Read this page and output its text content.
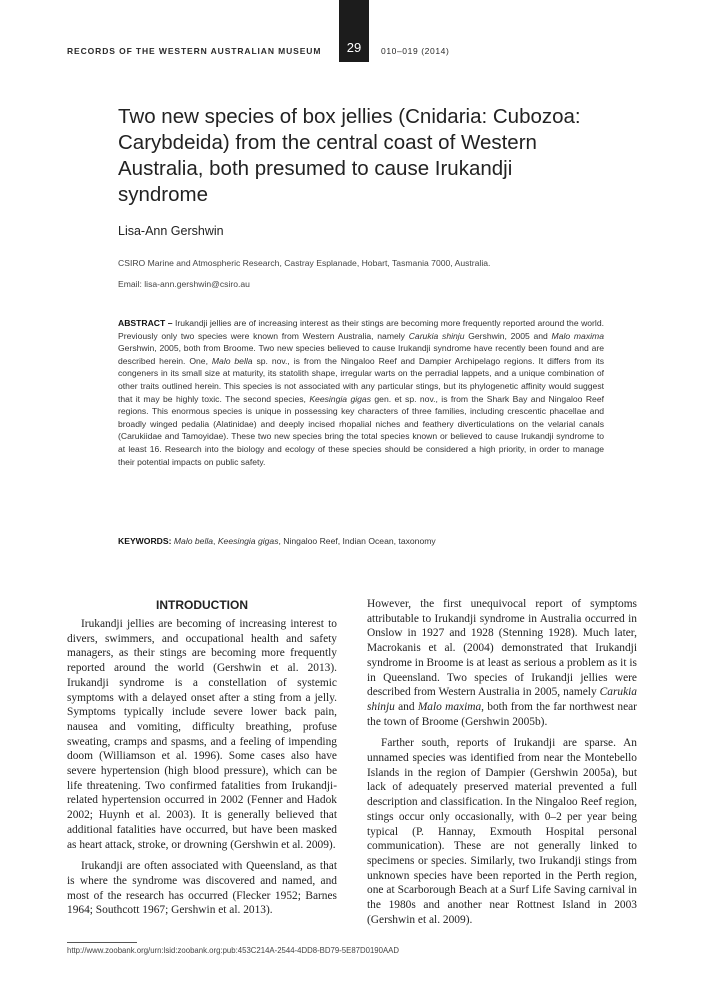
RECORDS OF THE WESTERN AUSTRALIAN MUSEUM	29	010–019 (2014)
Two new species of box jellies (Cnidaria: Cubozoa: Carybdeida) from the central coast of Western Australia, both presumed to cause Irukandji syndrome
Lisa-Ann Gershwin
CSIRO Marine and Atmospheric Research, Castray Esplanade, Hobart, Tasmania 7000, Australia.
Email: lisa-ann.gershwin@csiro.au

ABSTRACT – Irukandji jellies are of increasing interest as their stings are becoming more frequently reported around the world. Previously only two species were known from Western Australia, namely Carukia shinju Gershwin, 2005 and Malo maxima Gershwin, 2005, both from Broome. Two new species believed to cause Irukandji syndrome have recently been found and are described herein. One, Malo bella sp. nov., is from the Ningaloo Reef and Dampier Archipelago regions. It differs from its congeners in its small size at maturity, its statolith shape, irregular warts on the perradial lappets, and a unique combination of other traits outlined herein. This species is not associated with any particular stings, but its phylogenetic affinity would suggest that it may be highly toxic. The second species, Keesingia gigas gen. et sp. nov., is from the Shark Bay and Ningaloo Reef regions. This enormous species is unique in possessing key characters of three families, including crescentic phacellae and broadly winged pedalia (Alatinidae) and deeply incised rhopalial niches and feathery diverticulations on the velarial canals (Carukiidae and Tamoyidae). These two new species bring the total species known or believed to cause Irukandji syndrome to at least 16. Research into the biology and ecology of these species should be considered a high priority, in order to manage their potential impacts on public safety.

KEYWORDS: Malo bella, Keesingia gigas, Ningaloo Reef, Indian Ocean, taxonomy
INTRODUCTION

Irukandji jellies are becoming of increasing interest to divers, swimmers, and occupational health and safety managers, as their stings are becoming more frequently reported around the world (Gershwin et al. 2013). Irukandji syndrome is a constellation of systemic symptoms with a delayed onset after a sting from a jelly. Symptoms typically include severe lower back pain, nausea and vomiting, difficulty breathing, profuse sweating, cramps and spasms, and a feeling of impending doom (Williamson et al. 1996). Some cases also have severe hypertension (high blood pressure), which can be life threatening. Two confirmed fatalities from Irukandji-related hypertension occurred in 2002 (Fenner and Hadok 2002; Huynh et al. 2003). It is generally believed that additional fatalities have occurred, but have been masked as heart attack, stroke, or drowning (Gershwin et al. 2009).

Irukandji are often associated with Queensland, as that is where the syndrome was discovered and named, and most of the research has occurred (Flecker 1952; Barnes 1964; Southcott 1967; Gershwin et al. 2013).

However, the first unequivocal report of symptoms attributable to Irukandji syndrome in Australia occurred in Onslow in 1927 and 1928 (Stenning 1928). Much later, Macrokanis et al. (2004) demonstrated that Irukandji syndrome in Broome is at least as serious a problem as it is in Queensland. Two species of Irukandji jellies were described from Western Australia in 2005, namely Carukia shinju and Malo maxima, both from the far northwest near the town of Broome (Gershwin 2005b).

Farther south, reports of Irukandji are sparse. An unnamed species was identified from near the Montebello Islands in the region of Dampier (Gershwin 2005a), but lack of adequately preserved material prevented a full description and classification. In the Ningaloo Reef region, stings occur only occasionally, with 0–2 per year being typical (P. Hannay, Exmouth Hospital personal communication). These are not generally linked to specimens or species. Similarly, two Irukandji stings from unknown species have been reported in the Perth region, one at Scarborough Beach at a Surf Life Saving carnival in the 1980s and another near Rottnest Island in 2003 (Gershwin et al. 2009).

http://www.zoobank.org/urn:lsid:zoobank.org:pub:453C214A-2544-4DD8-BD79-5E87D0190AAD
